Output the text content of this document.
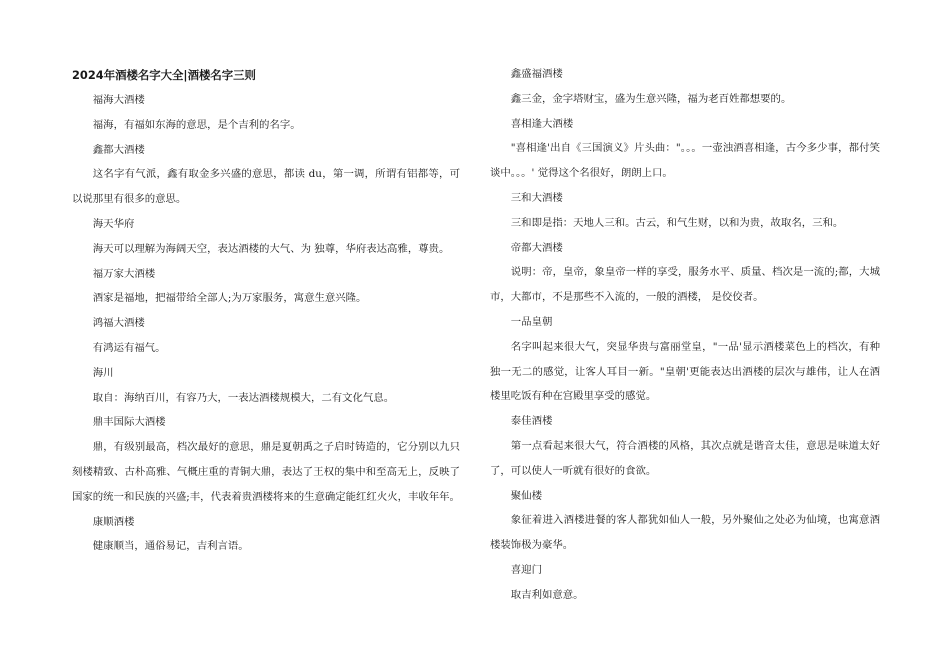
2024年酒楼名字大全|酒楼名字三则
福海大酒楼
福海，有福如东海的意思，是个吉利的名字。
鑫都大酒楼
这名字有气派，鑫有取金多兴盛的意思，都读 du，第一调，所谓有铝都等，可以说那里有很多的意思。
海天华府
海天可以理解为海阔天空，表达酒楼的大气、为 独尊，华府表达高雅，尊贵。
福万家大酒楼
酒家是福地，把福带给全部人;为万家服务，寓意生意兴隆。
鸿福大酒楼
有鸿运有福气。
海川
取自：海纳百川，有容乃大，一表达酒楼规模大，二有文化气息。
鼎丰国际大酒楼
鼎，有级别最高，档次最好的意思，鼎是夏朝禹之子启时铸造的，它分别以九只刻楼精致、古朴高雅、气概庄重的青铜大鼎，表达了王权的集中和至高无上，反映了国家的统一和民族的兴盛;丰，代表着贵酒楼将来的生意确定能红红火火，丰收年年。
康顺酒楼
健康顺当，通俗易记，吉利言语。
鑫盛福酒楼
鑫三金，金字塔财宝，盛为生意兴隆，福为老百姓都想要的。
喜相逢大酒楼
"喜相逢'出自《三国演义》片头曲："。。。一壶浊酒喜相逢，古今多少事，都付笑谈中。。。' 觉得这个名很好，朗朗上口。
三和大酒楼
三和即是指：天地人三和。古云，和气生财，以和为贵，故取名，三和。
帝都大酒楼
说明：帝，皇帝，象皇帝一样的享受，服务水平、质量、档次是一流的;都，大城市，大都市，不是那些不入流的，一般的酒楼， 是佼佼者。
一品皇朝
名字叫起来很大气，突显华贵与富丽堂皇，"一品'显示酒楼菜色上的档次，有种独一无二的感觉，让客人耳目一新。"皇朝'更能表达出酒楼的层次与雄伟，让人在酒楼里吃饭有种在宫殿里享受的感觉。
泰佳酒楼
第一点看起来很大气，符合酒楼的风格，其次点就是谐音太佳，意思是味道太好了，可以使人一听就有很好的食欲。
聚仙楼
象征着进入酒楼进餐的客人都犹如仙人一般，另外聚仙之处必为仙境，也寓意酒楼装饰极为豪华。
喜迎门
取吉利如意意。
